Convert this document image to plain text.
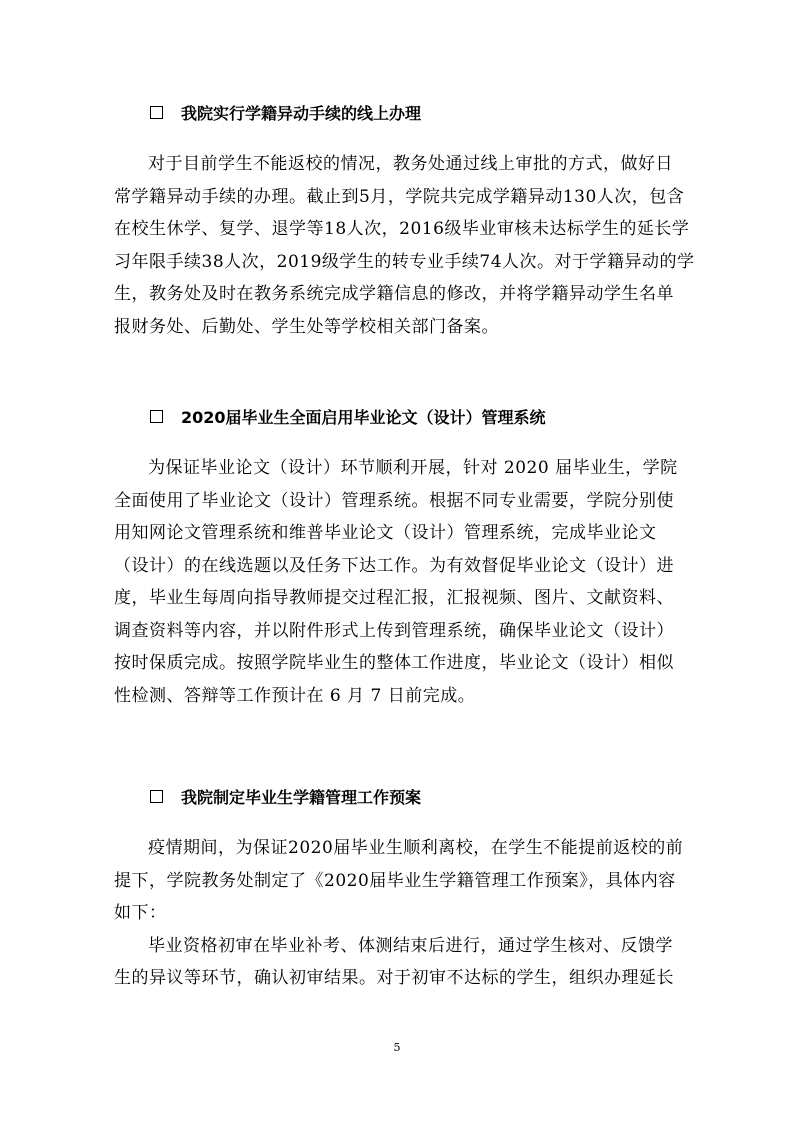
我院实行学籍异动手续的线上办理
对于目前学生不能返校的情况，教务处通过线上审批的方式，做好日
常学籍异动手续的办理。截止到5月，学院共完成学籍异动130人次，包含
在校生休学、复学、退学等18人次，2016级毕业审核未达标学生的延长学
习年限手续38人次，2019级学生的转专业手续74人次。对于学籍异动的学
生，教务处及时在教务系统完成学籍信息的修改，并将学籍异动学生名单
报财务处、后勤处、学生处等学校相关部门备案。
2020届毕业生全面启用毕业论文（设计）管理系统
为保证毕业论文（设计）环节顺利开展，针对 2020 届毕业生，学院
全面使用了毕业论文（设计）管理系统。根据不同专业需要，学院分别使
用知网论文管理系统和维普毕业论文（设计）管理系统，完成毕业论文
（设计）的在线选题以及任务下达工作。为有效督促毕业论文（设计）进
度，毕业生每周向指导教师提交过程汇报，汇报视频、图片、文献资料、
调查资料等内容，并以附件形式上传到管理系统，确保毕业论文（设计）
按时保质完成。按照学院毕业生的整体工作进度，毕业论文（设计）相似
性检测、答辩等工作预计在 6 月 7 日前完成。
我院制定毕业生学籍管理工作预案
疫情期间，为保证2020届毕业生顺利离校，在学生不能提前返校的前
提下，学院教务处制定了《2020届毕业生学籍管理工作预案》，具体内容
如下：
毕业资格初审在毕业补考、体测结束后进行，通过学生核对、反馈学
生的异议等环节，确认初审结果。对于初审不达标的学生，组织办理延长
5
